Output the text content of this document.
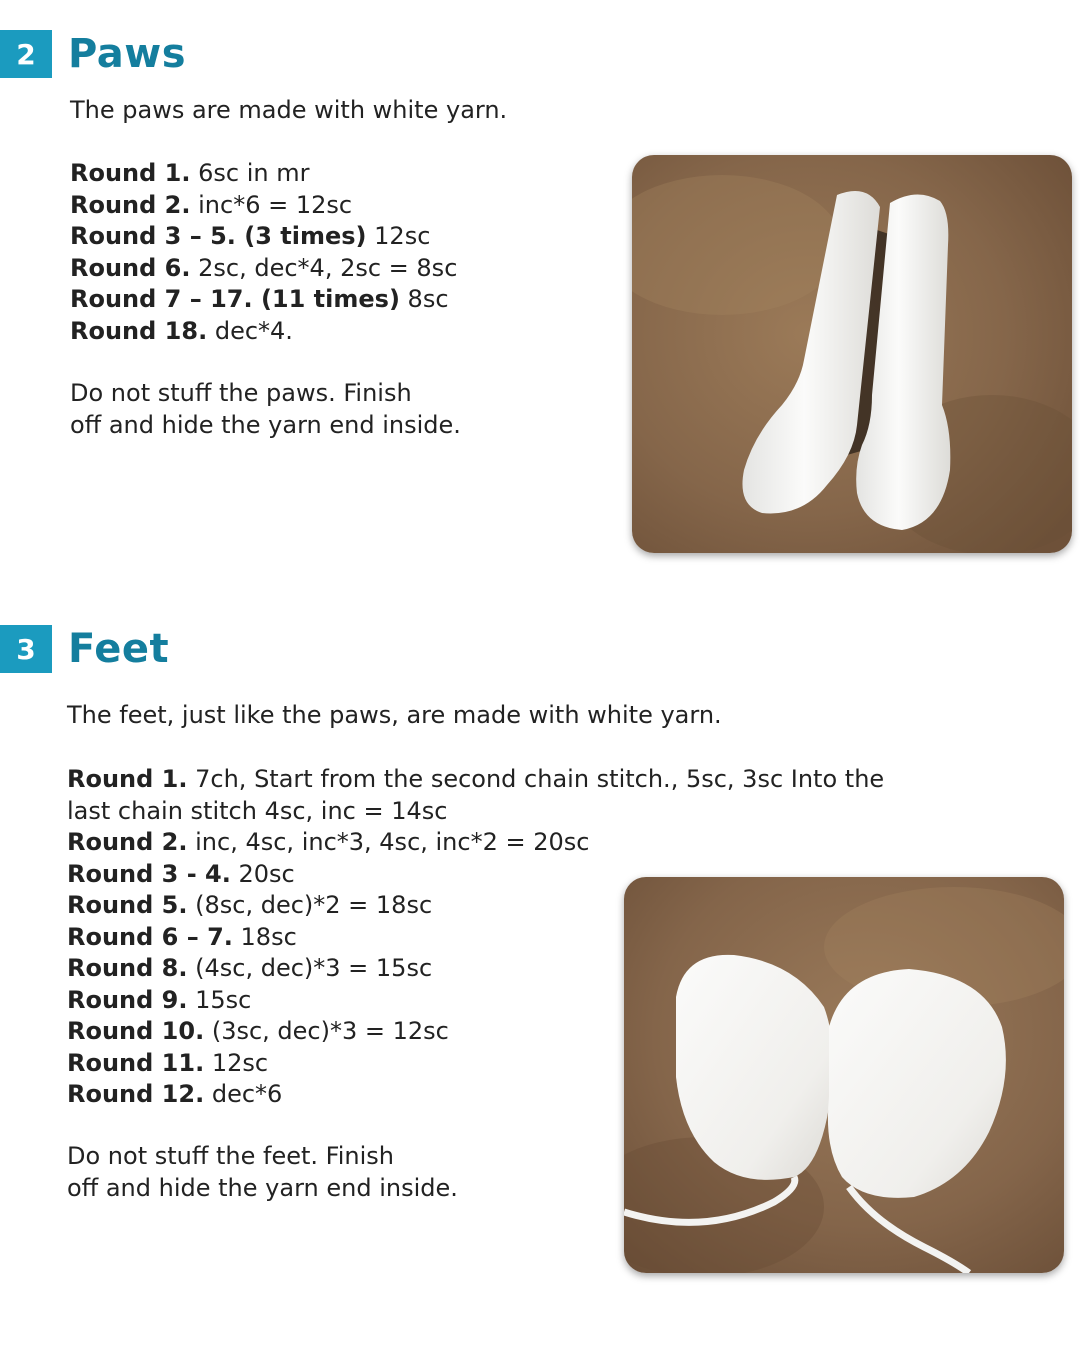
2 Paws
The paws are made with white yarn.
Round 1. 6sc in mr
Round 2. inc*6 = 12sc
Round 3 – 5. (3 times) 12sc
Round 6. 2sc, dec*4, 2sc = 8sc
Round 7 – 17. (11 times) 8sc
Round 18. dec*4.
Do not stuff the paws. Finish
off and hide the yarn end inside.
3 Feet
The feet, just like the paws, are made with white yarn.
Round 1. 7ch, Start from the second chain stitch., 5sc, 3sc Into the
last chain stitch 4sc, inc = 14sc
Round 2. inc, 4sc, inc*3, 4sc, inc*2 = 20sc
Round 3 - 4. 20sc
Round 5. (8sc, dec)*2 = 18sc
Round 6 – 7. 18sc
Round 8. (4sc, dec)*3 = 15sc
Round 9. 15sc
Round 10. (3sc, dec)*3 = 12sc
Round 11. 12sc
Round 12. dec*6
Do not stuff the feet. Finish
off and hide the yarn end inside.
